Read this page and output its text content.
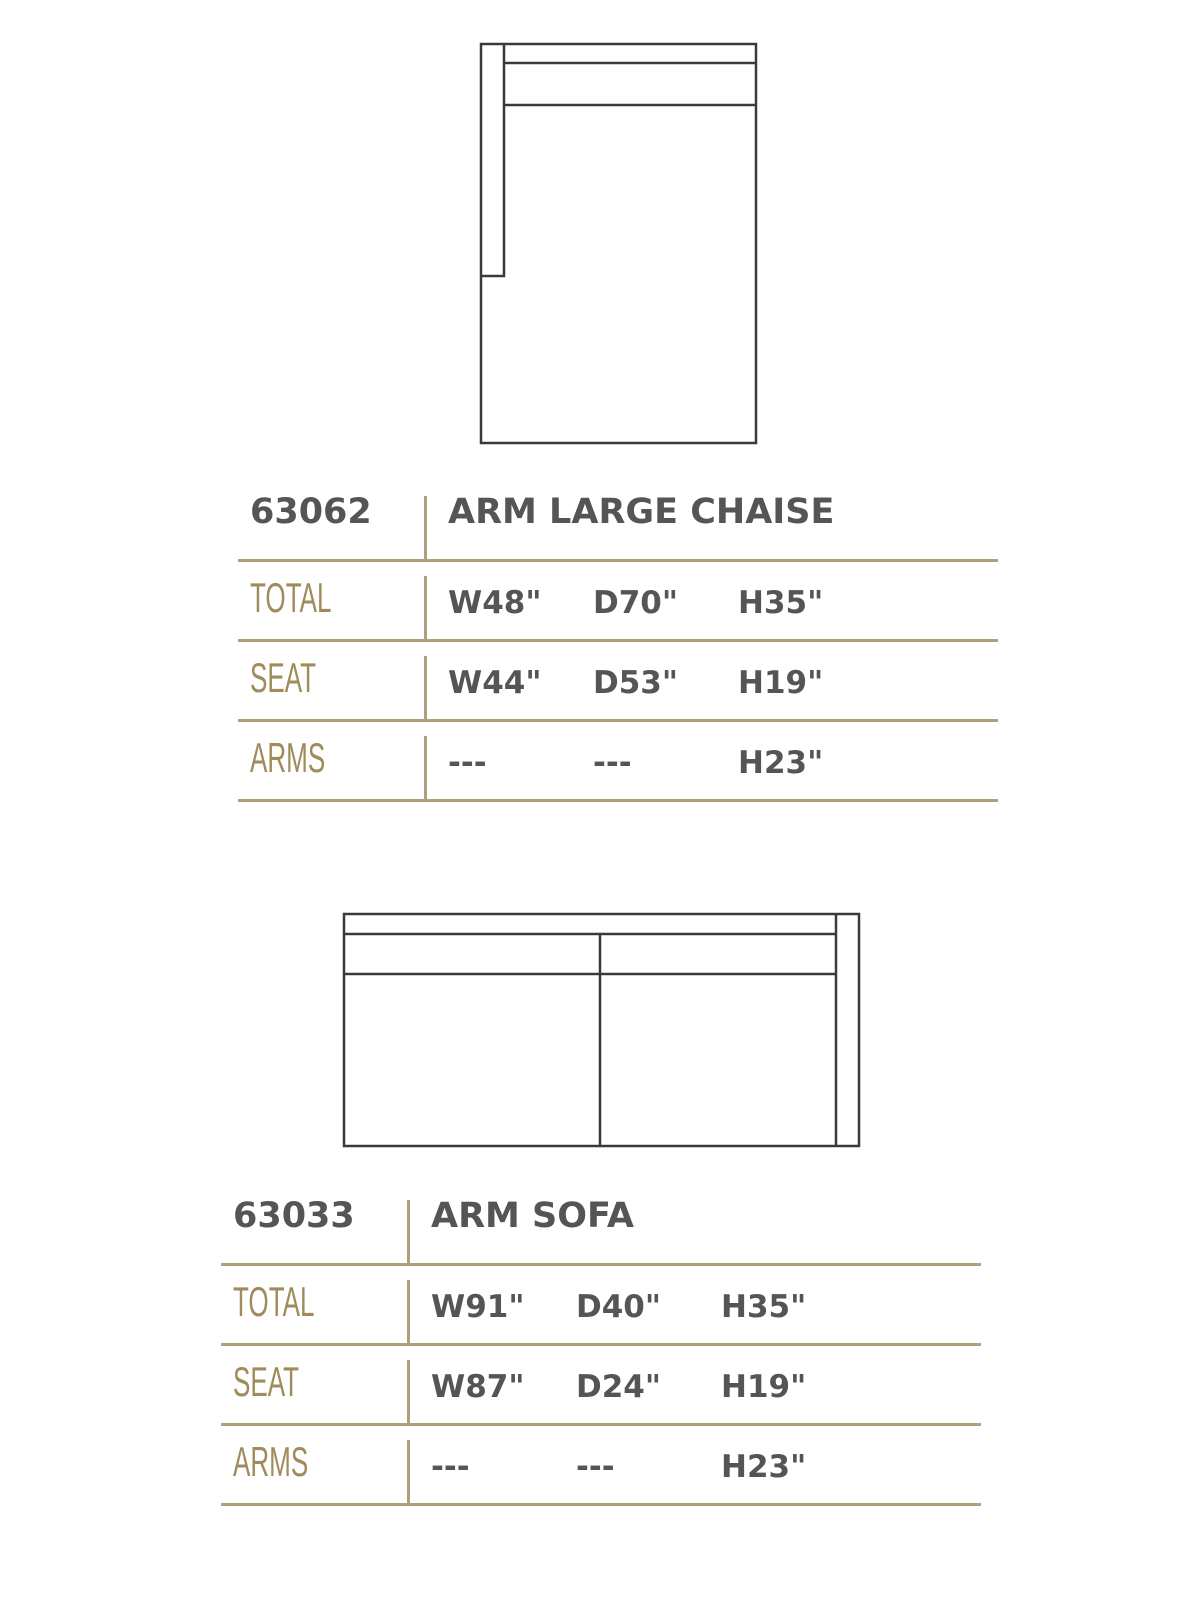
63062 ARM LARGE CHAISE
TOTAL	W48" D70" H35"
SEAT	W44" D53" H19"
ARMS	---	---	H23"
63033 ARM SOFA
TOTAL	W91" D40" H35"
SEAT	W87" D24" H19"
ARMS	---	---	H23"
